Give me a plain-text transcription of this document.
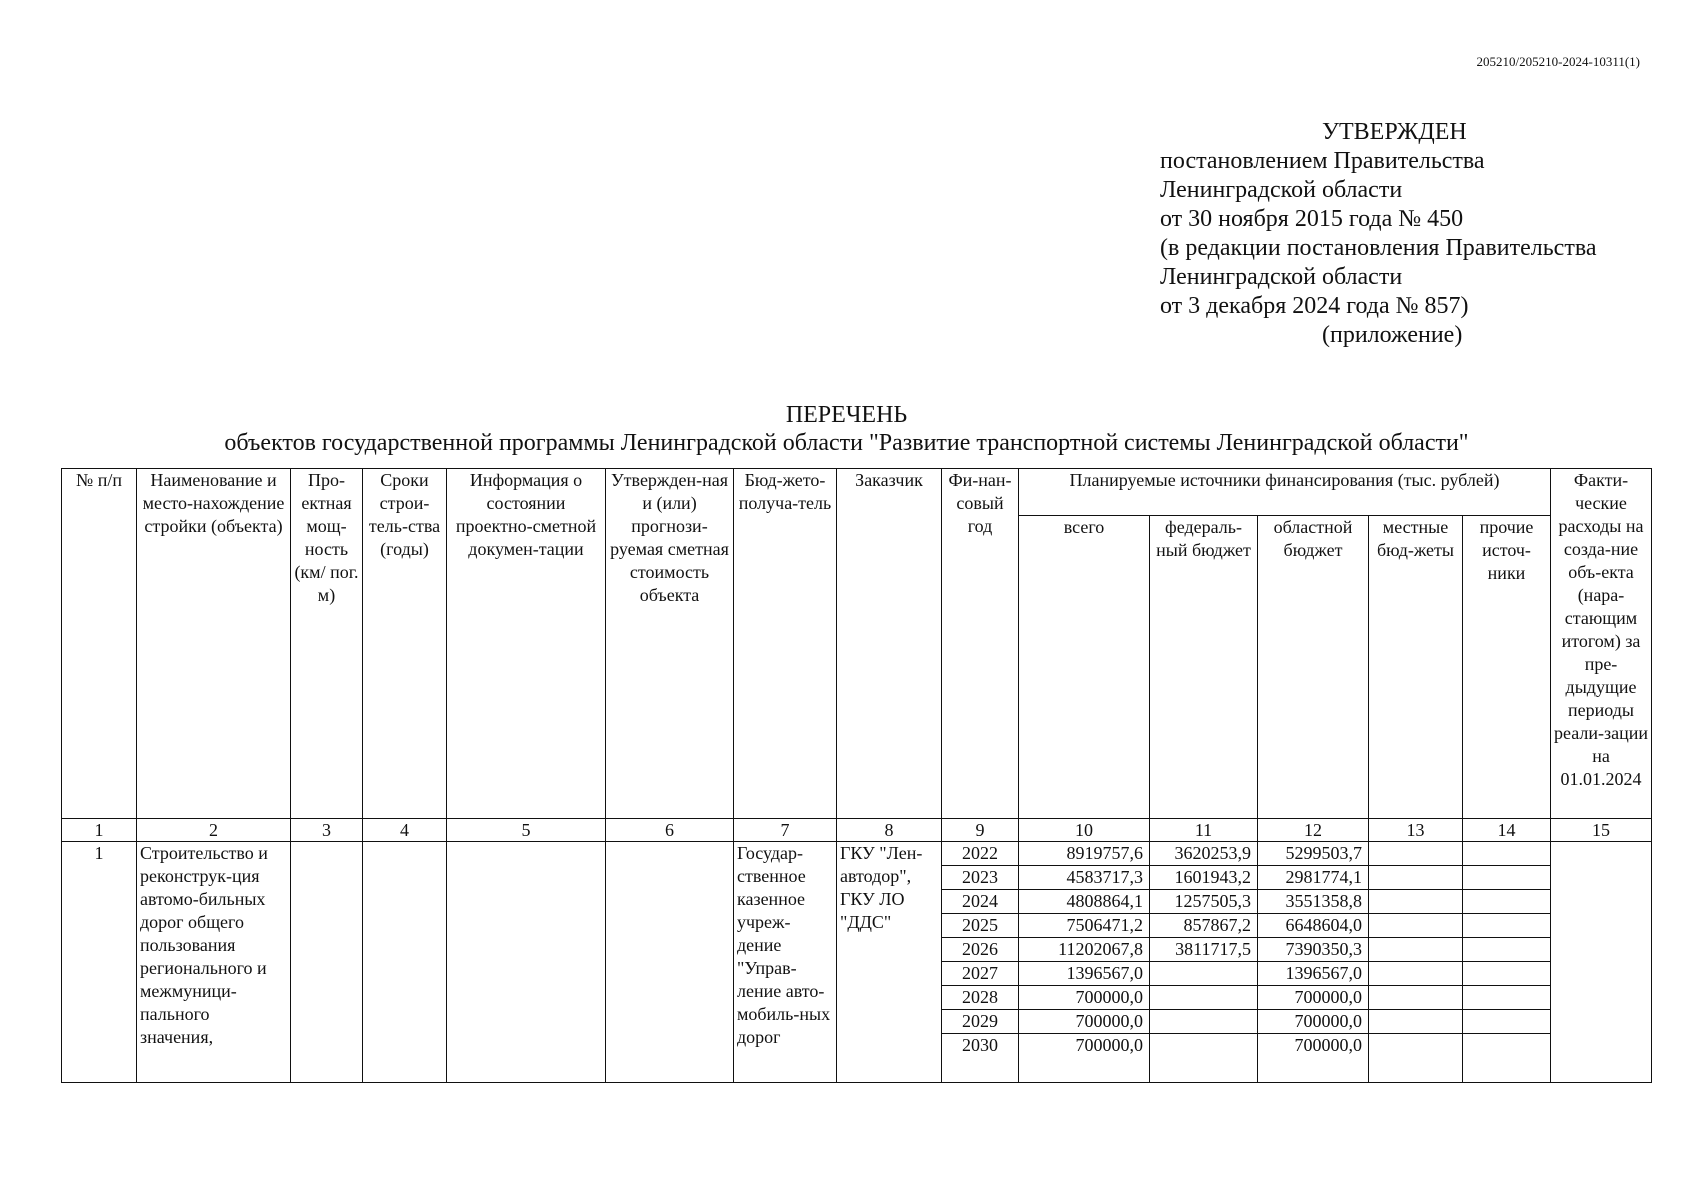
205210/205210-2024-10311(1)
УТВЕРЖДЕН
постановлением Правительства
Ленинградской области
от 30 ноября 2015 года № 450
(в редакции постановления Правительства
Ленинградской области
от 3 декабря 2024 года № 857)
(приложение)
ПЕРЕЧЕНЬ
объектов государственной программы Ленинградской области "Развитие транспортной системы Ленинградской области"
№ п/п	Наименование и место-нахождение стройки (объекта)	Про-ектная мощ-ность (км/ пог. м)	Сроки строи-тель-ства (годы)	Информация о состоянии проектно-сметной докумен-тации	Утвержден-ная и (или) прогнози-руемая сметная стоимость объекта	Бюд-жето-получа-тель	Заказчик	Фи-нан-совый год	Планируемые источники финансирования (тыс. рублей)					Факти-ческие расходы на созда-ние объ-екта (нара-стающим итогом) за пре-дыдущие периоды реали-зации на 01.01.2024
									всего	федераль-ный бюджет	областной бюджет	местные бюд-жеты	прочие источ-ники	
1	2	3	4	5	6	7	8	9	10	11	12	13	14	15
1	Строительство и реконструк-ция автомо-бильных дорог общего пользования регионального и межмуници-пального значения,					Государ-ственное казенное учреж-дение "Управ-ление авто-мобиль-ных дорог	ГКУ "Лен-автодор", ГКУ ЛО "ДДС"	2022	8919757,6	3620253,9	5299503,7			
								2023	4583717,3	1601943,2	2981774,1			
								2024	4808864,1	1257505,3	3551358,8			
								2025	7506471,2	857867,2	6648604,0			
								2026	11202067,8	3811717,5	7390350,3			
								2027	1396567,0		1396567,0			
								2028	700000,0		700000,0			
								2029	700000,0		700000,0			
								2030	700000,0		700000,0			
